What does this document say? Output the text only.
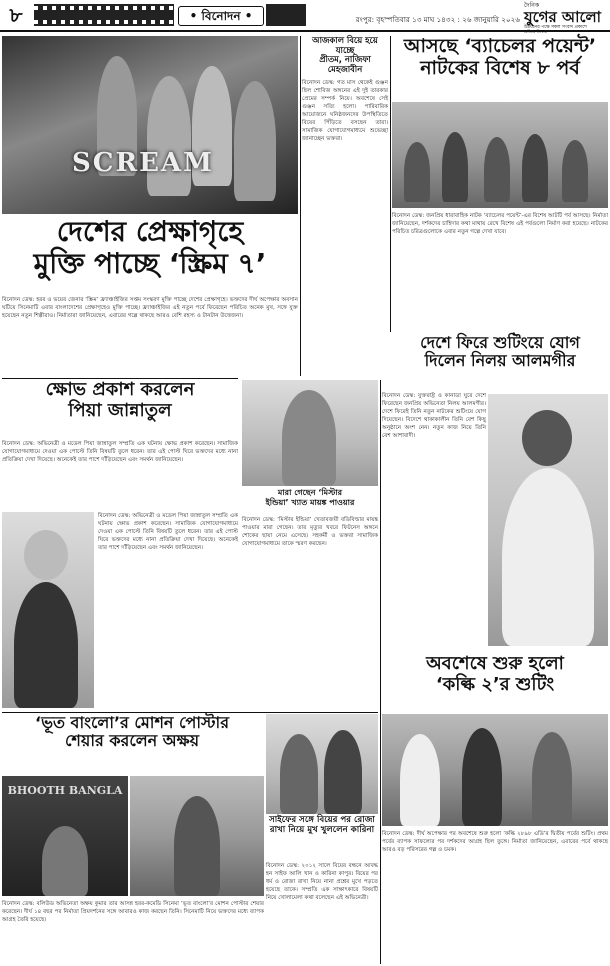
৮	• বিনোদন •	রংপুর: বৃহস্পতিবার ১৩ মাঘ ১৪৩২ : ২৬ জানুয়ারি ২০২৬
দৈনিক
যুগের আলো
উন্নয়নের পক্ষে সকল সংবাদ প্রকাশে প্রতিশ্রুতিবদ্ধ
SCREAM
আজকাল বিয়ে হয়ে যাচ্ছে
প্রীতম, নাজিফা মেহজাবীন
বিনোদন ডেস্ক: গত মাস থেকেই গুঞ্জন ছিল শোবিজ অঙ্গনের এই দুই তারকার প্রেমের সম্পর্ক নিয়ে। অবশেষে সেই গুঞ্জন সত্যি হলো। পারিবারিক আয়োজনে ঘনিষ্ঠজনদের উপস্থিতিতে বিয়ের পিঁড়িতে বসছেন তারা। সামাজিক যোগাযোগমাধ্যমে শুভেচ্ছা জানাচ্ছেন ভক্তরা।
আসছে ‘ব্যাচেলর পয়েন্ট’
নাটকের বিশেষ ৮ পর্ব
বিনোদন ডেস্ক: জনপ্রিয় ধারাবাহিক নাটক ‘ব্যাচেলর পয়েন্ট’-এর বিশেষ আটটি পর্ব আসছে। নির্মাতা জানিয়েছেন, দর্শকদের চাহিদার কথা মাথায় রেখে বিশেষ এই পর্বগুলো নির্মাণ করা হয়েছে। নাটকের পরিচিত চরিত্রগুলোকে এবার নতুন গল্পে দেখা যাবে।
দেশের প্রেক্ষাগৃহে
মুক্তি পাচ্ছে ‘স্ক্রিম ৭’
বিনোদন ডেস্ক: হরর ও ভয়ের জেনার ‘স্ক্রিম’ ফ্র্যাঞ্চাইজির সপ্তম সংস্করণ মুক্তি পাচ্ছে দেশের প্রেক্ষাগৃহে। ভক্তদের দীর্ঘ অপেক্ষার অবসান ঘটিয়ে সিনেমাটি এবার বাংলাদেশের প্রেক্ষাগৃহেও মুক্তি পাচ্ছে। ফ্র্যাঞ্চাইজির এই নতুন পর্বে ফিরেছেন পরিচিত অনেক মুখ, সঙ্গে যুক্ত হয়েছেন নতুন শিল্পীরাও। নির্মাতারা জানিয়েছেন, এবারের গল্পে থাকছে আরও বেশি রহস্য ও টানটান উত্তেজনা।
দেশে ফিরে শুটিংয়ে যোগ
দিলেন নিলয় আলমগীর
ক্ষোভ প্রকাশ করলেন
পিয়া জান্নাতুল
বিনোদন ডেস্ক: অভিনেত্রী ও মডেল পিয়া জান্নাতুল সম্প্রতি এক ঘটনায় ক্ষোভ প্রকাশ করেছেন। সামাজিক যোগাযোগমাধ্যমে দেওয়া এক পোস্টে তিনি বিষয়টি তুলে ধরেন। তার এই পোস্ট ঘিরে ভক্তদের মধ্যে নানা প্রতিক্রিয়া দেখা দিয়েছে। অনেকেই তার পাশে দাঁড়িয়েছেন এবং সমর্থন জানিয়েছেন।
বিনোদন ডেস্ক: অভিনেত্রী ও মডেল পিয়া জান্নাতুল সম্প্রতি এক ঘটনায় ক্ষোভ প্রকাশ করেছেন। সামাজিক যোগাযোগমাধ্যমে দেওয়া এক পোস্টে তিনি বিষয়টি তুলে ধরেন। তার এই পোস্ট ঘিরে ভক্তদের মধ্যে নানা প্রতিক্রিয়া দেখা দিয়েছে। অনেকেই তার পাশে দাঁড়িয়েছেন এবং সমর্থন জানিয়েছেন।
মারা গেছেন ‘মিস্টার
ইন্ডিয়া’ খ্যাত মায়ঙ্ক পাওয়ার
বিনোদন ডেস্ক: ‘মিস্টার ইন্ডিয়া’ খেতাবজয়ী বডিবিল্ডার মায়ঙ্ক পাওয়ার মারা গেছেন। তার মৃত্যুর খবরে ফিটনেস অঙ্গনে শোকের ছায়া নেমে এসেছে। সহকর্মী ও ভক্তরা সামাজিক যোগাযোগমাধ্যমে তাকে স্মরণ করছেন।
বিনোদন ডেস্ক: যুক্তরাষ্ট্র ও কানাডা ঘুরে দেশে ফিরেছেন জনপ্রিয় অভিনেতা নিলয় আলমগীর। দেশে ফিরেই তিনি নতুন নাটকের শুটিংয়ে যোগ দিয়েছেন। বিদেশে থাকাকালীন তিনি বেশ কিছু অনুষ্ঠানে অংশ নেন। নতুন কাজ নিয়ে তিনি বেশ আশাবাদী।
অবশেষে শুরু হলো
‘কল্কি ২’র শুটিং
বিনোদন ডেস্ক: দীর্ঘ অপেক্ষার পর অবশেষে শুরু হলো ‘কল্কি ২৮৯৮ এডি’র দ্বিতীয় পর্বের শুটিং। প্রথম পর্বের ব্যাপক সাফল্যের পর দর্শকদের আগ্রহ ছিল তুঙ্গে। নির্মাতা জানিয়েছেন, এবারের পর্বে থাকছে আরও বড় পরিসরের গল্প ও চমক।
‘ভূত বাংলো’র মোশন পোস্টার
শেয়ার করলেন অক্ষয়
BHOOTH BANGLA
বিনোদন ডেস্ক: বলিউড অভিনেতা অক্ষয় কুমার তার আসন্ন হরর-কমেডি সিনেমা ‘ভূত বাংলো’র মোশন পোস্টার শেয়ার করেছেন। দীর্ঘ ১৪ বছর পর নির্মাতা প্রিয়দর্শনের সঙ্গে আবারও কাজ করছেন তিনি। সিনেমাটি নিয়ে ভক্তদের মধ্যে ব্যাপক আগ্রহ তৈরি হয়েছে।
সাইফের সঙ্গে বিয়ের পর রোজা
রাখা নিয়ে মুখ খুললেন কারিনা
বিনোদন ডেস্ক: ২০১২ সালে বিয়ের বন্ধনে আবদ্ধ হন সাইফ আলি খান ও কারিনা কাপুর। বিয়ের পর ধর্ম ও রোজা রাখা নিয়ে নানা প্রশ্নের মুখে পড়তে হয়েছে তাকে। সম্প্রতি এক সাক্ষাৎকারে বিষয়টি নিয়ে খোলামেলা কথা বলেছেন এই অভিনেত্রী।
